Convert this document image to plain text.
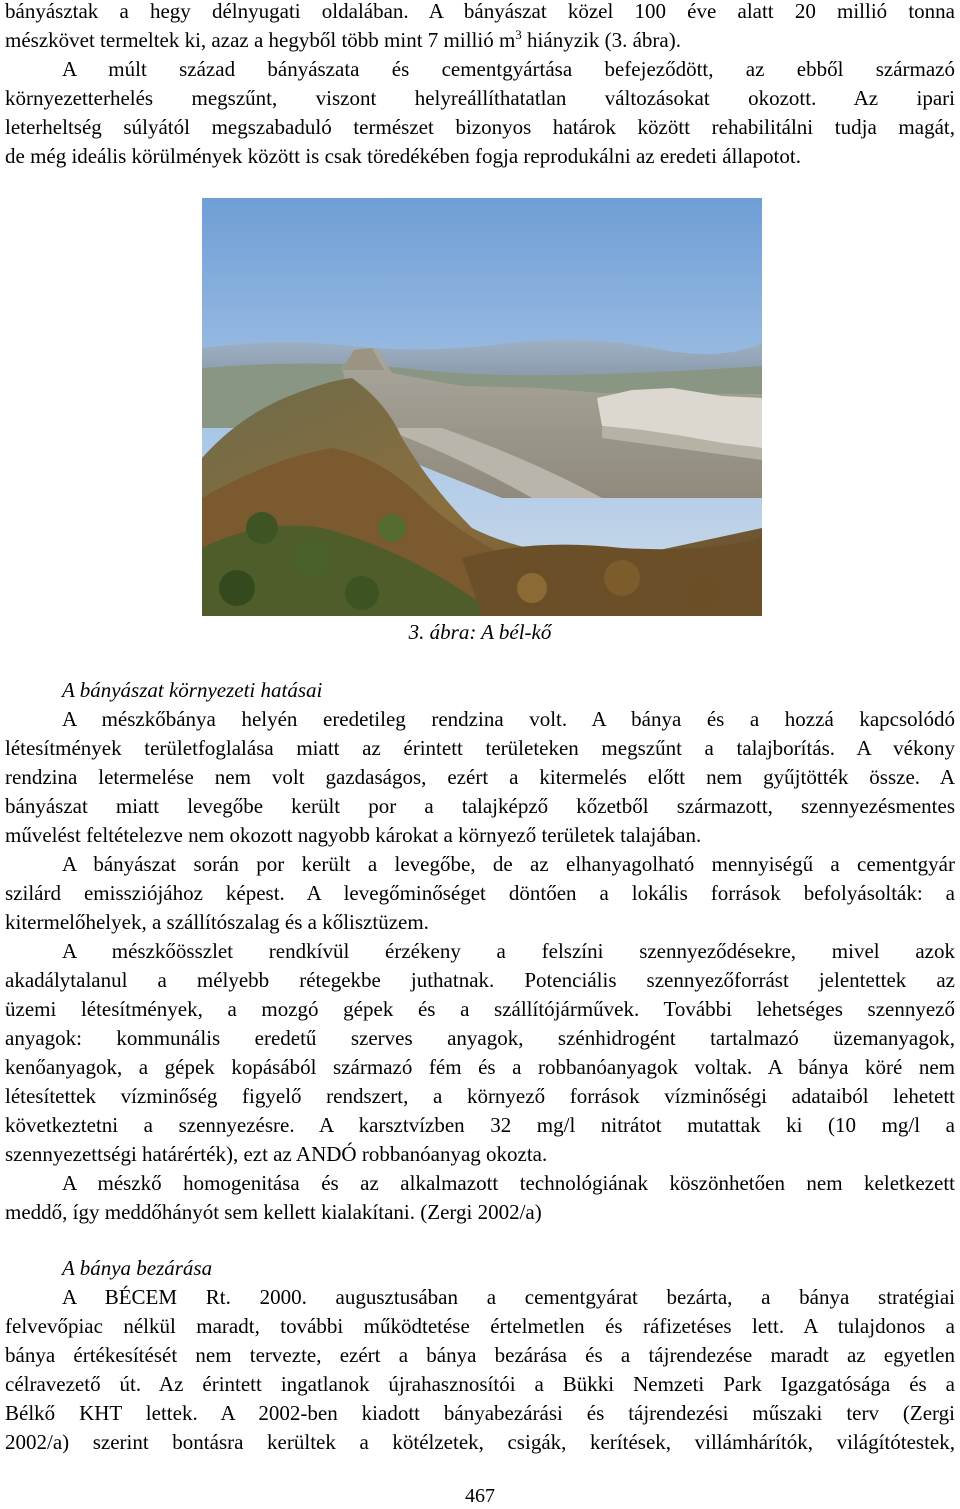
bányásztak a hegy délnyugati oldalában. A bányászat közel 100 éve alatt 20 millió tonna
mészkövet termeltek ki, azaz a hegyből több mint 7 millió $m^3$ hiányzik (3. ábra).
A múlt század bányászata és cementgyártása befejeződött, az ebből származó
környezetterhelés megszűnt, viszont helyreállíthatatlan változásokat okozott. Az ipari
leterheltség súlyától megszabaduló természet bizonyos határok között rehabilitálni tudja magát,
de még ideális körülmények között is csak töredékében fogja reprodukálni az eredeti állapotot.
3. ábra: A bél-kő
A bányászat környezeti hatásai
A mészkőbánya helyén eredetileg rendzina volt. A bánya és a hozzá kapcsolódó
létesítmények területfoglalása miatt az érintett területeken megszűnt a talajborítás. A vékony
rendzina letermelése nem volt gazdaságos, ezért a kitermelés előtt nem gyűjtötték össze. A
bányászat miatt levegőbe került por a talajképző kőzetből származott, szennyezésmentes
művelést feltételezve nem okozott nagyobb károkat a környező területek talajában.
A bányászat során por került a levegőbe, de az elhanyagolható mennyiségű a cementgyár
szilárd emissziójához képest. A levegőminőséget döntően a lokális források befolyásolták: a
kitermelőhelyek, a szállítószalag és a kőlisztüzem.
A mészkőösszlet rendkívül érzékeny a felszíni szennyeződésekre, mivel azok
akadálytalanul a mélyebb rétegekbe juthatnak. Potenciális szennyezőforrást jelentettek az
üzemi létesítmények, a mozgó gépek és a szállítójárművek. További lehetséges szennyező
anyagok: kommunális eredetű szerves anyagok, szénhidrogént tartalmazó üzemanyagok,
kenőanyagok, a gépek kopásából származó fém és a robbanóanyagok voltak. A bánya köré nem
létesítettek vízminőség figyelő rendszert, a környező források vízminőségi adataiból lehetett
következtetni a szennyezésre. A karsztvízben 32 mg/l nitrátot mutattak ki (10 mg/l a
szennyezettségi határérték), ezt az ANDÓ robbanóanyag okozta.
A mészkő homogenitása és az alkalmazott technológiának köszönhetően nem keletkezett
meddő, így meddőhányót sem kellett kialakítani. (Zergi 2002/a)
A bánya bezárása
A BÉCEM Rt. 2000. augusztusában a cementgyárat bezárta, a bánya stratégiai
felvevőpiac nélkül maradt, további működtetése értelmetlen és ráfizetéses lett. A tulajdonos a
bánya értékesítését nem tervezte, ezért a bánya bezárása és a tájrendezése maradt az egyetlen
célravezető út. Az érintett ingatlanok újrahasznosítói a Bükki Nemzeti Park Igazgatósága és a
Bélkő KHT lettek. A 2002-ben kiadott bányabezárási és tájrendezési műszaki terv (Zergi
2002/a) szerint bontásra kerültek a kötélzetek, csigák, kerítések, villámhárítók, világítótestek,
467
